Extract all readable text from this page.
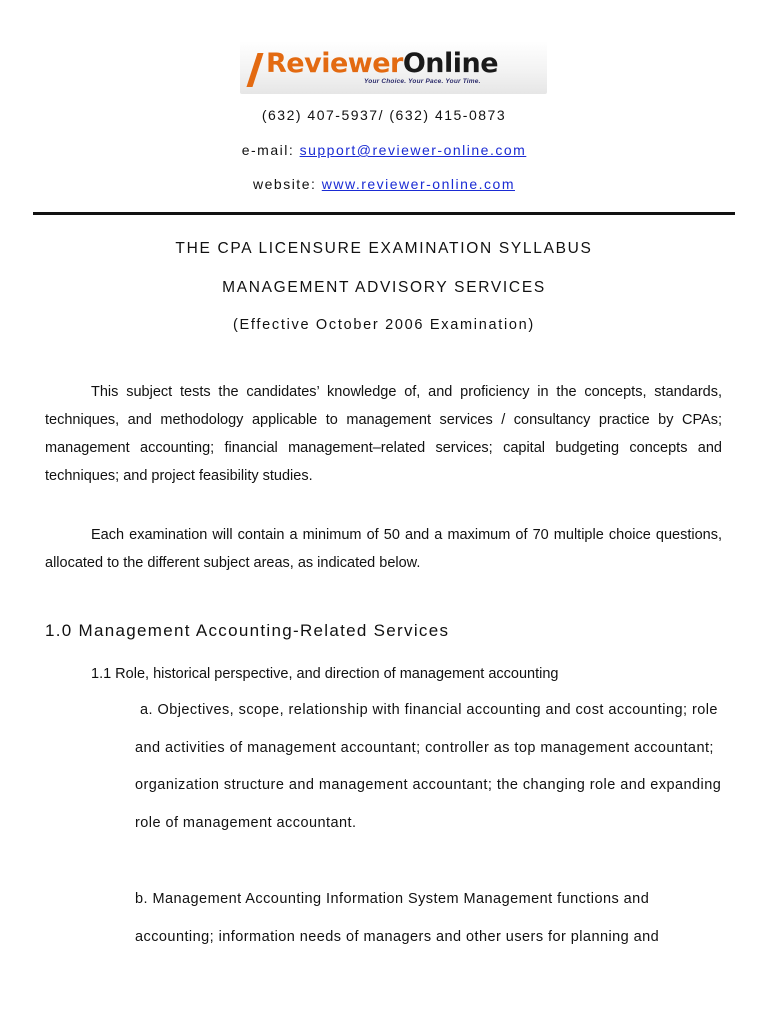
ReviewerOnline
Your Choice. Your Pace. Your Time.
(632) 407-5937/ (632) 415-0873
e-mail: support@reviewer-online.com
website: www.reviewer-online.com
THE CPA LICENSURE EXAMINATION SYLLABUS
MANAGEMENT ADVISORY SERVICES
(Effective October 2006 Examination)

This subject tests the candidates’ knowledge of, and proficiency in the concepts, standards, techniques, and methodology applicable to management services / consultancy practice by CPAs; management accounting; financial management–related services; capital budgeting concepts and techniques; and project feasibility studies.

Each examination will contain a minimum of 50 and a maximum of 70 multiple choice questions, allocated to the different subject areas, as indicated below.

1.0 Management Accounting-Related Services
1.1 Role, historical perspective, and direction of management accounting

a. Objectives, scope, relationship with financial accounting and cost accounting; role and activities of management accountant; controller as top management accountant; organization structure and management accountant; the changing role and expanding role of management accountant.

b. Management Accounting Information System Management functions and accounting; information needs of managers and other users for planning and
